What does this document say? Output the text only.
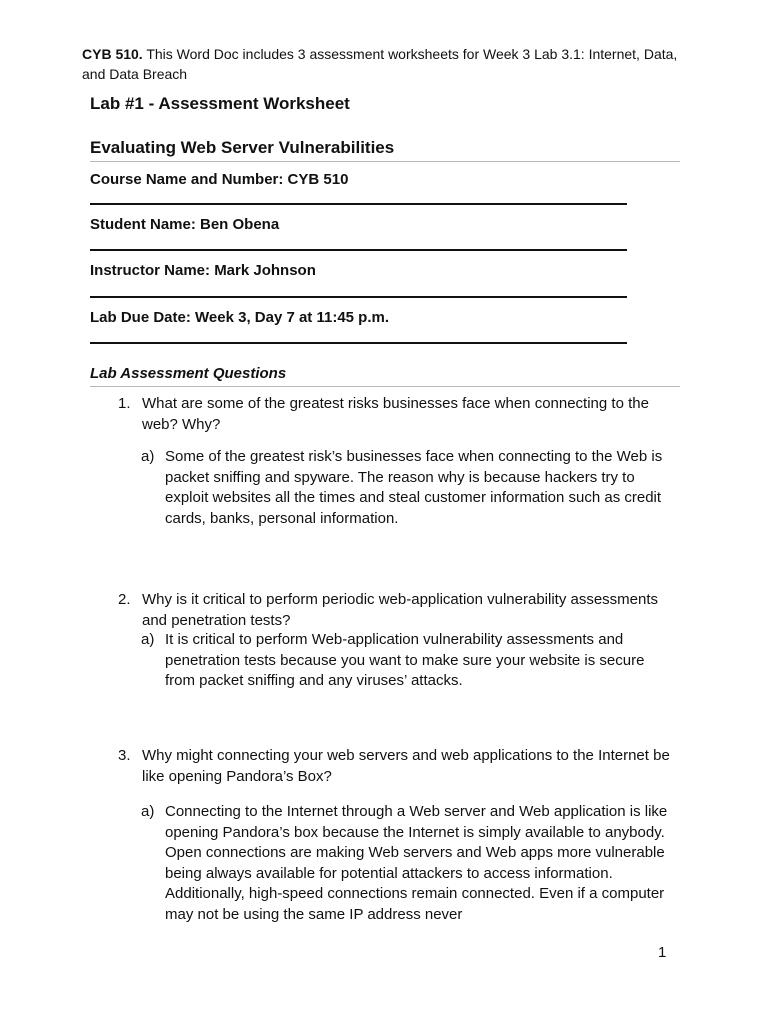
CYB 510. This Word Doc includes 3 assessment worksheets for Week 3 Lab 3.1: Internet, Data, and Data Breach

Lab #1 - Assessment Worksheet
Evaluating Web Server Vulnerabilities
Course Name and Number: CYB 510
Student Name: Ben Obena
Instructor Name: Mark Johnson
Lab Due Date: Week 3, Day 7 at 11:45 p.m.
Lab Assessment Questions
1. What are some of the greatest risks businesses face when connecting to the web? Why?
a) Some of the greatest risk’s businesses face when connecting to the Web is packet sniffing and spyware. The reason why is because hackers try to exploit websites all the times and steal customer information such as credit cards, banks, personal information.
2. Why is it critical to perform periodic web-application vulnerability assessments and penetration tests?
a) It is critical to perform Web-application vulnerability assessments and penetration tests because you want to make sure your website is secure from packet sniffing and any viruses’ attacks.
3. Why might connecting your web servers and web applications to the Internet be like opening Pandora’s Box?
a) Connecting to the Internet through a Web server and Web application is like opening Pandora’s box because the Internet is simply available to anybody. Open connections are making Web servers and Web apps more vulnerable being always available for potential attackers to access information. Additionally, high-speed connections remain connected. Even if a computer may not be using the same IP address never
1
